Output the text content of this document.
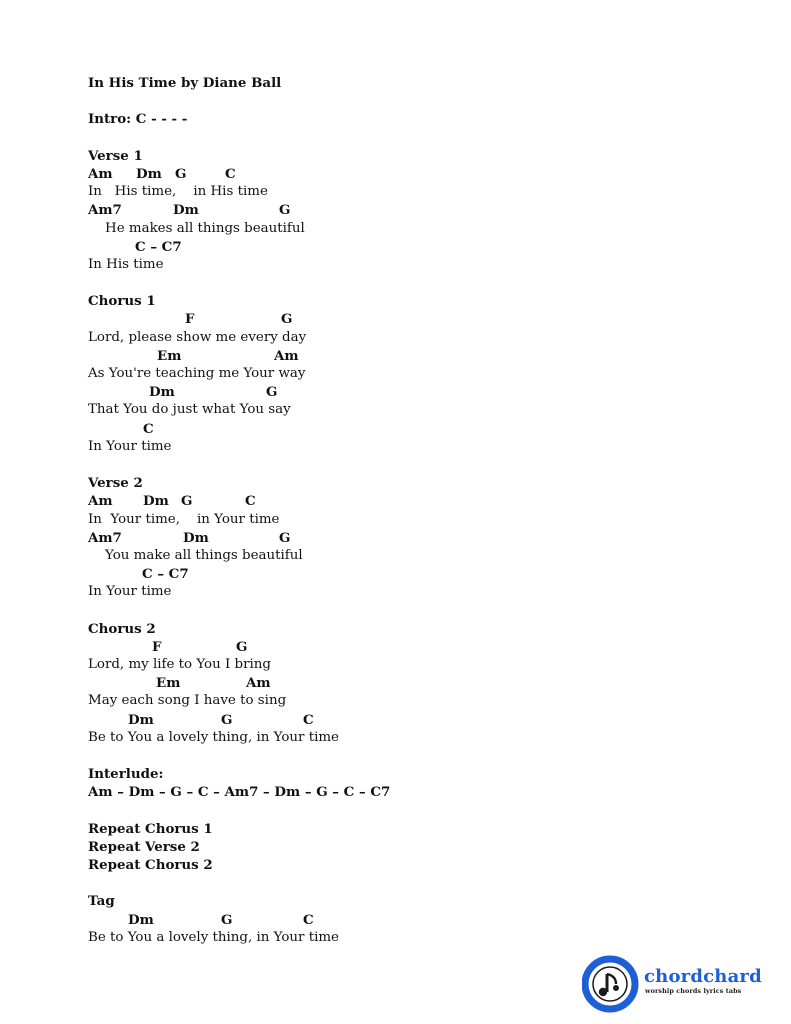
In His Time by Diane Ball
Intro: C - - - -
Verse 1

Am

Dm

G

	C

In   His time,    in His time

Am7

	Dm

	G

He makes all things beautiful

C – C7

In His time
Chorus 1

F

	G

Lord, please show me every day

Em

	Am

As You're teaching me Your way

Dm

	G

That You do just what You say

C

In Your time
Verse 2

Am

Dm

G

	C

In  Your time,    in Your time

Am7

	Dm

	G

You make all things beautiful

C – C7

In Your time
Chorus 2

F

	G

Lord, my life to You I bring

Em

	Am

May each song I have to sing

Dm

	G

	C

Be to You a lovely thing, in Your time
Interlude:
Am – Dm – G – C – Am7 – Dm – G – C – C7
Repeat Chorus 1
Repeat Verse 2
Repeat Chorus 2
Tag

Dm

	G

	C

Be to You a lovely thing, in Your time
chordchard
worship chords lyrics tabs
